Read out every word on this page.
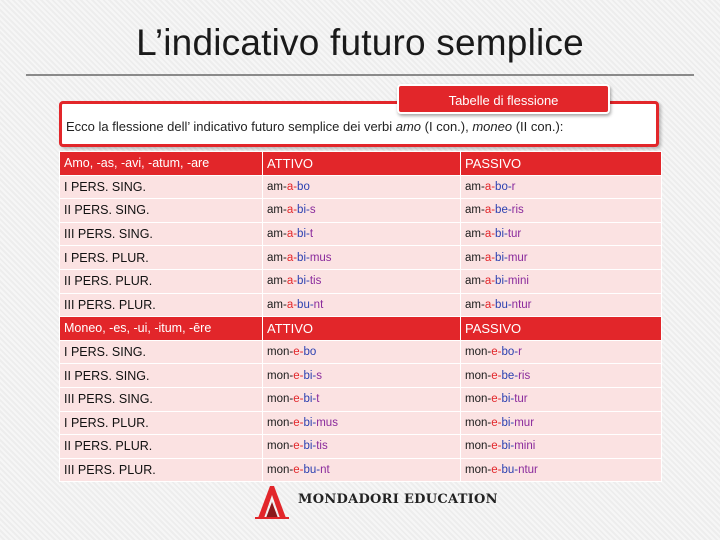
L’indicativo futuro semplice
Ecco la flessione dell’ indicativo futuro semplice dei verbi amo (I con.), moneo (II con.):
Tabelle di flessione
Amo, -as, -avi, -atum, -are	ATTIVO	PASSIVO
I PERS. SING.	am-a-bo	am-a-bo-r
II PERS. SING.	am-a-bi-s	am-a-be-ris
III PERS. SING.	am-a-bi-t	am-a-bi-tur
I PERS. PLUR.	am-a-bi-mus	am-a-bi-mur
II PERS. PLUR.	am-a-bi-tis	am-a-bi-mini
III PERS. PLUR.	am-a-bu-nt	am-a-bu-ntur
Moneo, -es, -ui, -itum, -ēre	ATTIVO	PASSIVO
I PERS. SING.	mon-e-bo	mon-e-bo-r
II PERS. SING.	mon-e-bi-s	mon-e-be-ris
III PERS. SING.	mon-e-bi-t	mon-e-bi-tur
I PERS. PLUR.	mon-e-bi-mus	mon-e-bi-mur
II PERS. PLUR.	mon-e-bi-tis	mon-e-bi-mini
III PERS. PLUR.	mon-e-bu-nt	mon-e-bu-ntur
MONDADORI EDUCATION
